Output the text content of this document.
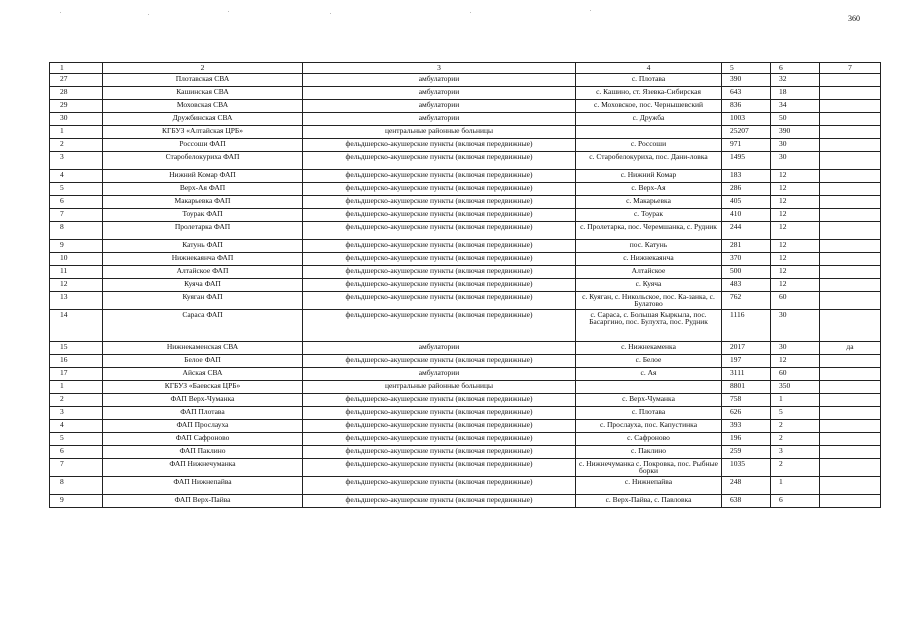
360
1	2	3	4	5	6	7
27	Плотавская СВА	амбулатории	с. Плотава	390	32	
28	Кашинская СВА	амбулатории	с. Кашино, ст. Язевка-Сибирская	643	18	
29	Моховская СВА	амбулатории	с. Моховское, пос. Чернышевский	836	34	
30	Дружбинская СВА	амбулатории	с. Дружба	1003	50	
1	КГБУЗ «Алтайская ЦРБ»	центральные районные больницы		25207	390	
2	Россоши ФАП	фельдшерско-акушерские пункты (включая передвижные)	с. Россоши	971	30	
3	Старобелокуриха ФАП	фельдшерско-акушерские пункты (включая передвижные)	с. Старобелокуриха, пос. Дани-ловка	1495	30	
4	Нижний Комар ФАП	фельдшерско-акушерские пункты (включая передвижные)	с. Нижний Комар	183	12	
5	Верх-Ая ФАП	фельдшерско-акушерские пункты (включая передвижные)	с. Верх-Ая	286	12	
6	Макарьевка ФАП	фельдшерско-акушерские пункты (включая передвижные)	с. Макарьевка	405	12	
7	Тоурак ФАП	фельдшерско-акушерские пункты (включая передвижные)	с. Тоурак	410	12	
8	Пролетарка ФАП	фельдшерско-акушерские пункты (включая передвижные)	с. Пролетарка, пос. Черемшанка, с. Рудник	244	12	
9	Катунь ФАП	фельдшерско-акушерские пункты (включая передвижные)	пос. Катунь	281	12	
10	Нижнекаянча ФАП	фельдшерско-акушерские пункты (включая передвижные)	с. Нижнекаянча	370	12	
11	Алтайское ФАП	фельдшерско-акушерские пункты (включая передвижные)	Алтайское	500	12	
12	Куяча ФАП	фельдшерско-акушерские пункты (включая передвижные)	с. Куяча	483	12	
13	Куяган ФАП	фельдшерско-акушерские пункты (включая передвижные)	с. Куяган, с. Никольское, пос. Ка-занка, с. Булатово	762	60	
14	Сараса ФАП	фельдшерско-акушерские пункты (включая передвижные)	с. Сараса, с. Большая Кыркыла, пос. Басаргино, пос. Булухта, пос. Рудник	1116	30	
15	Нижнекаменская СВА	амбулатории	с. Нижнекаменка	2017	30	да
16	Белое ФАП	фельдшерско-акушерские пункты (включая передвижные)	с. Белое	197	12	
17	Айская СВА	амбулатории	с. Ая	3111	60	
1	КГБУЗ «Баевская ЦРБ»	центральные районные больницы		8801	350	
2	ФАП Верх-Чуманка	фельдшерско-акушерские пункты (включая передвижные)	с. Верх-Чуманка	758	1	
3	ФАП Плотава	фельдшерско-акушерские пункты (включая передвижные)	с. Плотава	626	5	
4	ФАП Прослауха	фельдшерско-акушерские пункты (включая передвижные)	с. Прослауха, пос. Капустинка	393	2	
5	ФАП Сафроново	фельдшерско-акушерские пункты (включая передвижные)	с. Сафроново	196	2	
6	ФАП Паклино	фельдшерско-акушерские пункты (включая передвижные)	с. Паклино	259	3	
7	ФАП Нижнечуманка	фельдшерско-акушерские пункты (включая передвижные)	с. Нижнечуманка с. Покровка, пос. Рыбные борки	1035	2	
8	ФАП Нижнепайва	фельдшерско-акушерские пункты (включая передвижные)	с. Нижнепайва	248	1	
9	ФАП Верх-Пайва	фельдшерско-акушерские пункты (включая передвижные)	с. Верх-Пайва, с. Павловка	638	6	
